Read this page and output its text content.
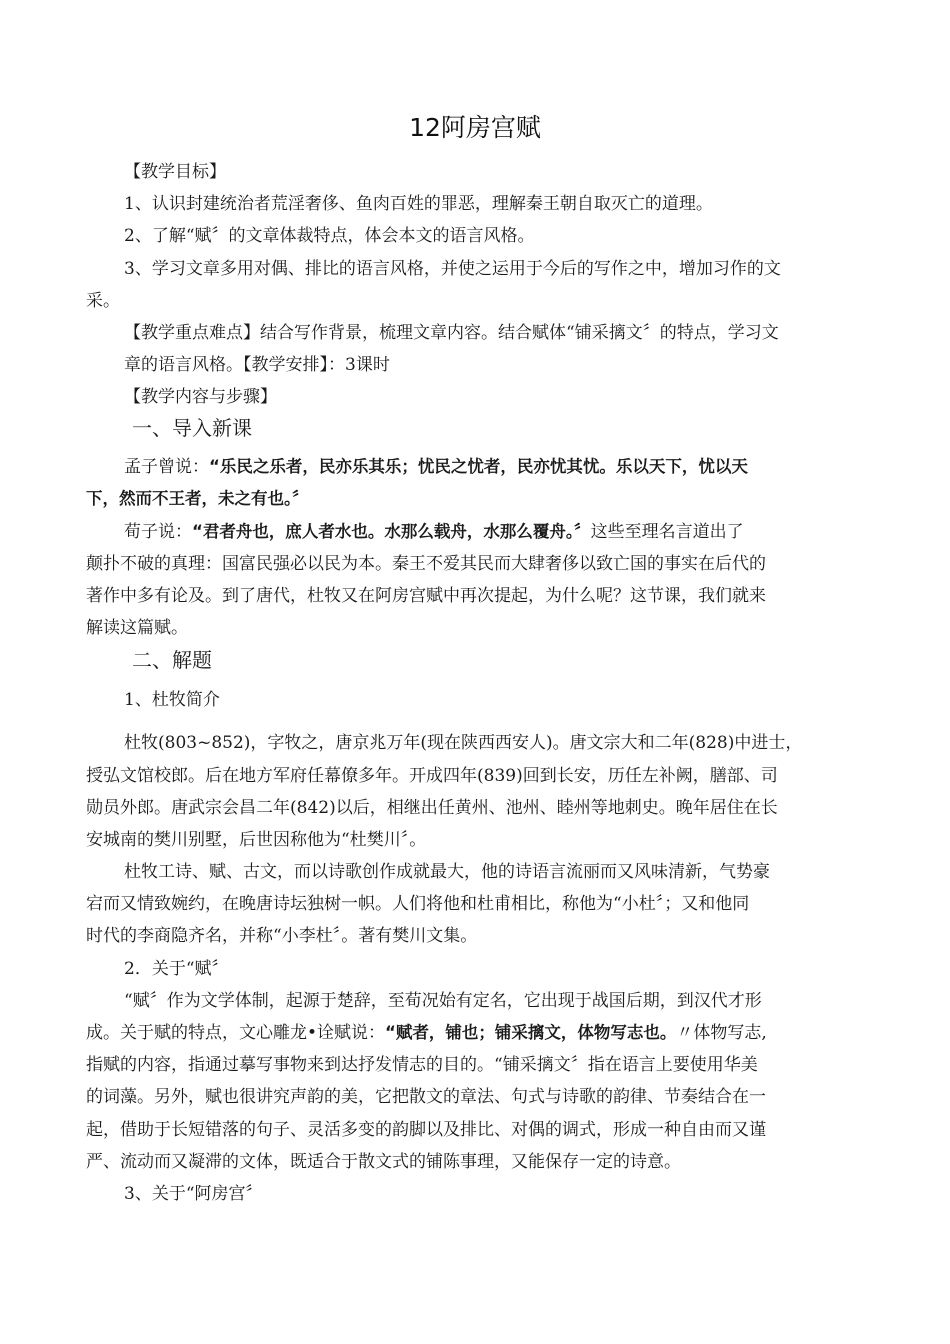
12阿房宫赋
【教学目标】
1、认识封建统治者荒淫奢侈、鱼肉百姓的罪恶，理解秦王朝自取灭亡的道理。
2、了解“赋〞的文章体裁特点，体会本文的语言风格。
3、学习文章多用对偶、排比的语言风格，并使之运用于今后的写作之中，增加习作的文
采。
【教学重点难点】结合写作背景，梳理文章内容。结合赋体“铺采摛文〞的特点，学习文
章的语言风格。【教学安排】：3课时
【教学内容与步骤】
一、导入新课
孟子曾说：“乐民之乐者，民亦乐其乐；忧民之忧者，民亦忧其忧。乐以天下，忧以天
下，然而不王者，未之有也。〞
荀子说：“君者舟也，庶人者水也。水那么载舟，水那么覆舟。〞这些至理名言道出了
颠扑不破的真理：国富民强必以民为本。秦王不爱其民而大肆奢侈以致亡国的事实在后代的
著作中多有论及。到了唐代，杜牧又在阿房宫赋中再次提起，为什么呢？这节课，我们就来
解读这篇赋。
二、解题
1、杜牧简介
杜牧(803~852)，字牧之，唐京兆万年(现在陕西西安人)。唐文宗大和二年(828)中进士，
授弘文馆校郎。后在地方军府任幕僚多年。开成四年(839)回到长安，历任左补阙，膳部、司
勋员外郎。唐武宗会昌二年(842)以后，相继出任黄州、池州、睦州等地刺史。晚年居住在长
安城南的樊川别墅，后世因称他为“杜樊川〞。
杜牧工诗、赋、古文，而以诗歌创作成就最大，他的诗语言流丽而又风味清新，气势豪
宕而又情致婉约，在晚唐诗坛独树一帜。人们将他和杜甫相比，称他为“小杜〞；又和他同
时代的李商隐齐名，并称“小李杜〞。著有樊川文集。
2．关于“赋〞
“赋〞作为文学体制，起源于楚辞，至荀况始有定名，它出现于战国后期，到汉代才形
成。关于赋的特点，文心雕龙•诠赋说：“赋者，铺也；铺采摛文，体物写志也。〃体物写志,
指赋的内容，指通过摹写事物来到达抒发情志的目的。“铺采摛文〞指在语言上要使用华美
的词藻。另外，赋也很讲究声韵的美，它把散文的章法、句式与诗歌的韵律、节奏结合在一
起，借助于长短错落的句子、灵活多变的韵脚以及排比、对偶的调式，形成一种自由而又谨
严、流动而又凝滞的文体，既适合于散文式的铺陈事理，又能保存一定的诗意。
3、关于“阿房宫〞
